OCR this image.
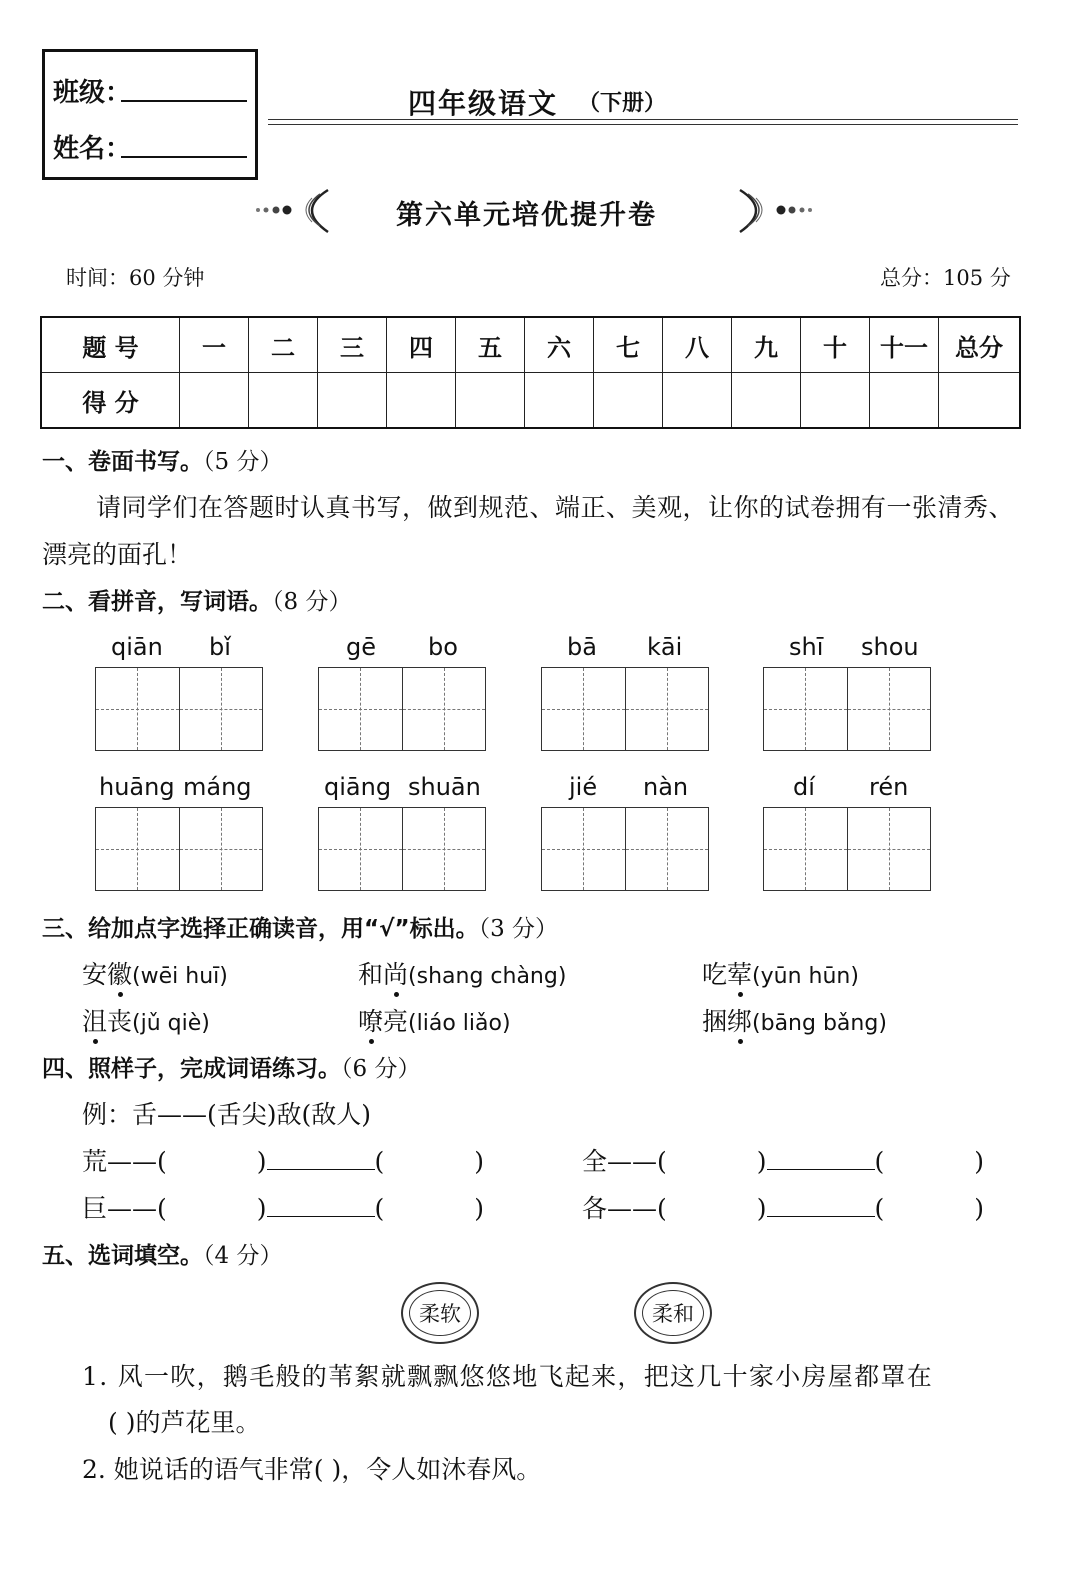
班级：
姓名：
四年级语文 （下册）
第六单元培优提升卷
时间：60 分钟	总分：105 分
题 号	一	二	三	四	五	六	七	八	九	十	十一	总分
得 分												
一、卷面书写。（5 分）
请同学们在答题时认真书写，做到规范、端正、美观，让你的试卷拥有一张清秀、
漂亮的面孔！
二、看拼音，写词语。（8 分）
qiān bǐ	gē bo	bā kāi	shī shou
huāng máng	qiāng shuān	jié nàn	dí rén
三、给加点字选择正确读音，用“√”标出。（3 分）
安徽(wēi huī)	和尚(shang chàng)	吃荤(yūn hūn)
沮丧(jǔ qiè)	嘹亮(liáo liǎo)	捆绑(bāng bǎng)
四、照样子，完成词语练习。（6 分）
例：舌——(舌尖)敌(敌人)
荒——(	)	(	)	全——(	)	(	)
巨——(	)	(	)	各——(	)	(	)
五、选词填空。（4 分）
柔软	柔和
1. 风一吹，鹅毛般的苇絮就飘飘悠悠地飞起来，把这几十家小房屋都罩在
( )的芦花里。
2. 她说话的语气非常( )，令人如沐春风。
